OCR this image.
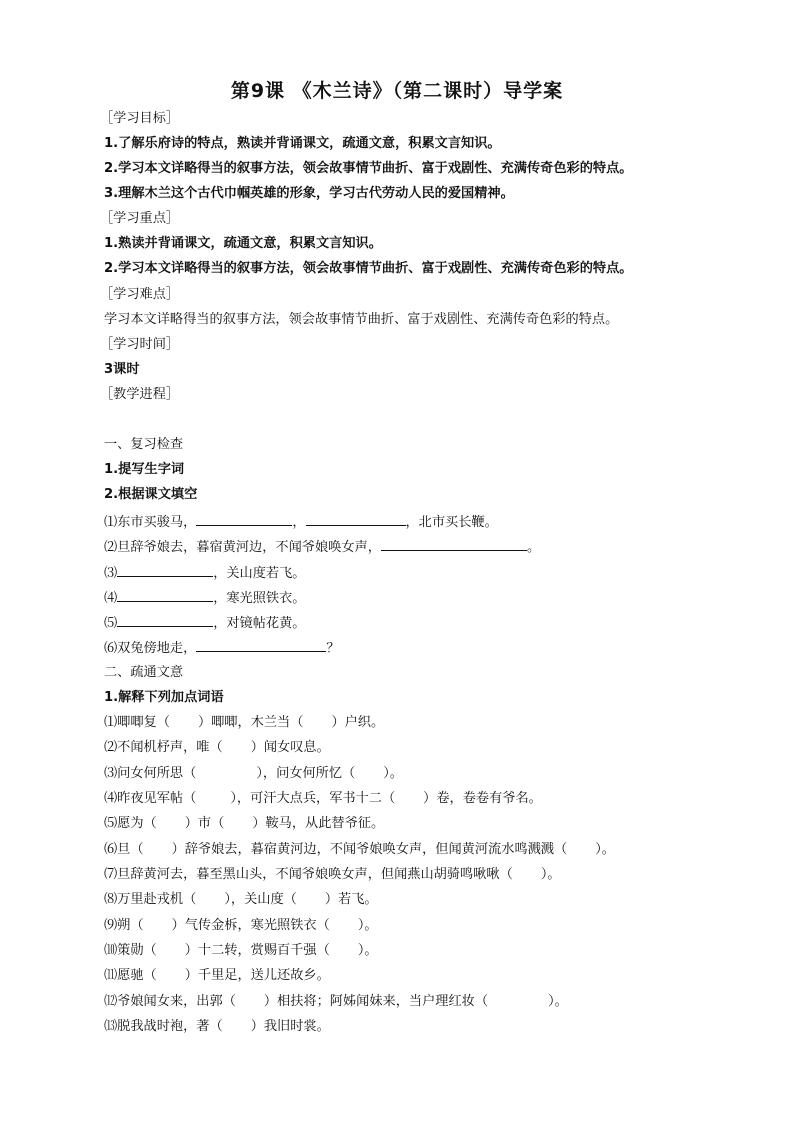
第9课 《木兰诗》（第二课时）导学案
［学习目标］
1.了解乐府诗的特点，熟读并背诵课文，疏通文意，积累文言知识。
2.学习本文详略得当的叙事方法，领会故事情节曲折、富于戏剧性、充满传奇色彩的特点。
3.理解木兰这个古代巾帼英雄的形象，学习古代劳动人民的爱国精神。
［学习重点］
1.熟读并背诵课文，疏通文意，积累文言知识。
2.学习本文详略得当的叙事方法，领会故事情节曲折、富于戏剧性、充满传奇色彩的特点。
［学习难点］
学习本文详略得当的叙事方法，领会故事情节曲折、富于戏剧性、充满传奇色彩的特点。
［学习时间］
3课时
［教学进程］
一、复习检查
1.提写生字词
2.根据课文填空
⑴东市买骏马，	，	，北市买长鞭。
⑵旦辞爷娘去，暮宿黄河边，不闻爷娘唤女声，	。
⑶	，关山度若飞。
⑷	，寒光照铁衣。
⑸	，对镜帖花黄。
⑹双兔傍地走，	？
二、疏通文意
1.解释下列加点词语
⑴唧唧复（ ）唧唧，木兰当（ ）户织。
⑵不闻机杼声，唯（ ）闻女叹息。
⑶问女何所思（	），问女何所忆（ ）。
⑷昨夜见军帖（	），可汗大点兵，军书十二（ ）卷，卷卷有爷名。
⑸愿为（ ）市（ ）鞍马，从此替爷征。
⑹旦（ ）辞爷娘去，暮宿黄河边，不闻爷娘唤女声，但闻黄河流水鸣溅溅（ ）。
⑺旦辞黄河去，暮至黑山头，不闻爷娘唤女声，但闻燕山胡骑鸣啾啾（ ）。
⑻万里赴戎机（ ），关山度（ ）若飞。
⑼朔（ ）气传金柝，寒光照铁衣（ ）。
⑽策勋（ ）十二转，赏赐百千强（ ）。
⑾愿驰（ ）千里足，送儿还故乡。
⑿爷娘闻女来，出郭（ ）相扶将；阿姊闻妹来，当户理红妆（	）。
⒀脱我战时袍，著（ ）我旧时裳。
